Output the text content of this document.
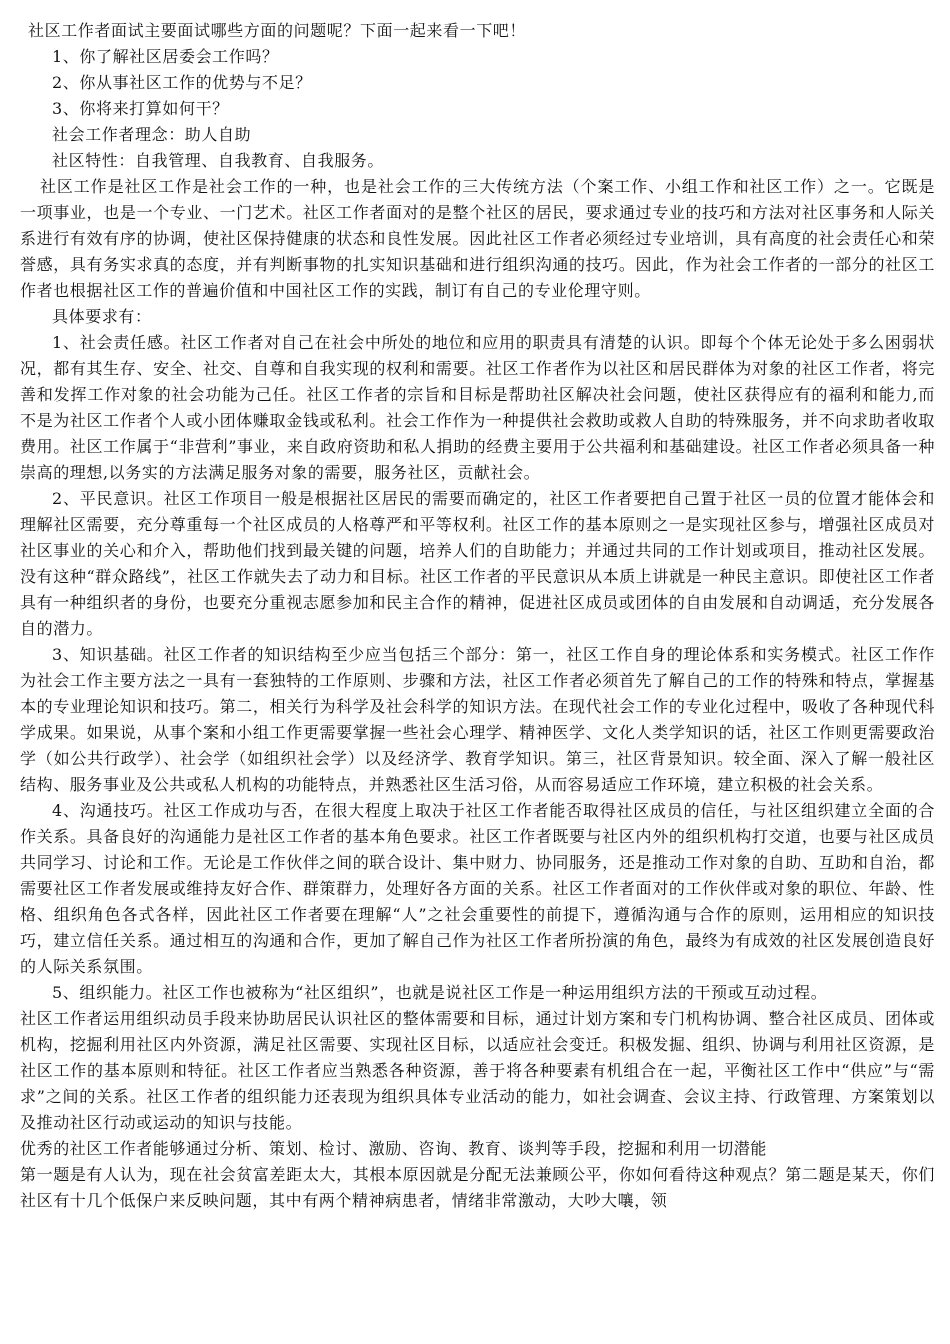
社区工作者面试主要面试哪些方面的问题呢？下面一起来看一下吧！

1、你了解社区居委会工作吗？

2、你从事社区工作的优势与不足？

3、你将来打算如何干？

社会工作者理念：助人自助

社区特性：自我管理、自我教育、自我服务。

社区工作是社区工作是社会工作的一种，也是社会工作的三大传统方法（个案工作、小组工作和社区工作）之一。它既是一项事业，也是一个专业、一门艺术。社区工作者面对的是整个社区的居民，要求通过专业的技巧和方法对社区事务和人际关系进行有效有序的协调，使社区保持健康的状态和良性发展。因此社区工作者必须经过专业培训，具有高度的社会责任心和荣誉感，具有务实求真的态度，并有判断事物的扎实知识基础和进行组织沟通的技巧。因此，作为社会工作者的一部分的社区工作者也根据社区工作的普遍价值和中国社区工作的实践，制订有自己的专业伦理守则。

具体要求有：

1、社会责任感。社区工作者对自己在社会中所处的地位和应用的职责具有清楚的认识。即每个个体无论处于多么困弱状况，都有其生存、安全、社交、自尊和自我实现的权利和需要。社区工作者作为以社区和居民群体为对象的社区工作者，将完善和发挥工作对象的社会功能为己任。社区工作者的宗旨和目标是帮助社区解决社会问题，使社区获得应有的福利和能力,而不是为社区工作者个人或小团体赚取金钱或私利。社会工作作为一种提供社会救助或救人自助的特殊服务，并不向求助者收取费用。社区工作属于“非营利”事业，来自政府资助和私人捐助的经费主要用于公共福利和基础建设。社区工作者必须具备一种崇高的理想,以务实的方法满足服务对象的需要，服务社区，贡献社会。

2、平民意识。社区工作项目一般是根据社区居民的需要而确定的，社区工作者要把自己置于社区一员的位置才能体会和理解社区需要，充分尊重每一个社区成员的人格尊严和平等权利。社区工作的基本原则之一是实现社区参与，增强社区成员对社区事业的关心和介入，帮助他们找到最关键的问题，培养人们的自助能力；并通过共同的工作计划或项目，推动社区发展。没有这种“群众路线”，社区工作就失去了动力和目标。社区工作者的平民意识从本质上讲就是一种民主意识。即使社区工作者具有一种组织者的身份，也要充分重视志愿参加和民主合作的精神，促进社区成员或团体的自由发展和自动调适，充分发展各自的潜力。

3、知识基础。社区工作者的知识结构至少应当包括三个部分：第一，社区工作自身的理论体系和实务模式。社区工作作为社会工作主要方法之一具有一套独特的工作原则、步骤和方法，社区工作者必须首先了解自己的工作的特殊和特点，掌握基本的专业理论知识和技巧。第二，相关行为科学及社会科学的知识方法。在现代社会工作的专业化过程中，吸收了各种现代科学成果。如果说，从事个案和小组工作更需要掌握一些社会心理学、精神医学、文化人类学知识的话，社区工作则更需要政治学（如公共行政学）、社会学（如组织社会学）以及经济学、教育学知识。第三，社区背景知识。较全面、深入了解一般社区结构、服务事业及公共或私人机构的功能特点，并熟悉社区生活习俗，从而容易适应工作环境，建立积极的社会关系。

4、沟通技巧。社区工作成功与否，在很大程度上取决于社区工作者能否取得社区成员的信任，与社区组织建立全面的合作关系。具备良好的沟通能力是社区工作者的基本角色要求。社区工作者既要与社区内外的组织机构打交道，也要与社区成员共同学习、讨论和工作。无论是工作伙伴之间的联合设计、集中财力、协同服务，还是推动工作对象的自助、互助和自治，都需要社区工作者发展或维持友好合作、群策群力，处理好各方面的关系。社区工作者面对的工作伙伴或对象的职位、年龄、性格、组织角色各式各样，因此社区工作者要在理解“人”之社会重要性的前提下，遵循沟通与合作的原则，运用相应的知识技巧，建立信任关系。通过相互的沟通和合作，更加了解自己作为社区工作者所扮演的角色，最终为有成效的社区发展创造良好的人际关系氛围。

5、组织能力。社区工作也被称为“社区组织”，也就是说社区工作是一种运用组织方法的干预或互动过程。

社区工作者运用组织动员手段来协助居民认识社区的整体需要和目标，通过计划方案和专门机构协调、整合社区成员、团体或机构，挖掘利用社区内外资源，满足社区需要、实现社区目标，以适应社会变迁。积极发掘、组织、协调与利用社区资源，是社区工作的基本原则和特征。社区工作者应当熟悉各种资源，善于将各种要素有机组合在一起，平衡社区工作中“供应”与“需求”之间的关系。社区工作者的组织能力还表现为组织具体专业活动的能力，如社会调查、会议主持、行政管理、方案策划以及推动社区行动或运动的知识与技能。

优秀的社区工作者能够通过分析、策划、检讨、激励、咨询、教育、谈判等手段，挖掘和利用一切潜能

第一题是有人认为，现在社会贫富差距太大，其根本原因就是分配无法兼顾公平，你如何看待这种观点？第二题是某天，你们社区有十几个低保户来反映问题，其中有两个精神病患者，情绪非常激动，大吵大嚷，领
